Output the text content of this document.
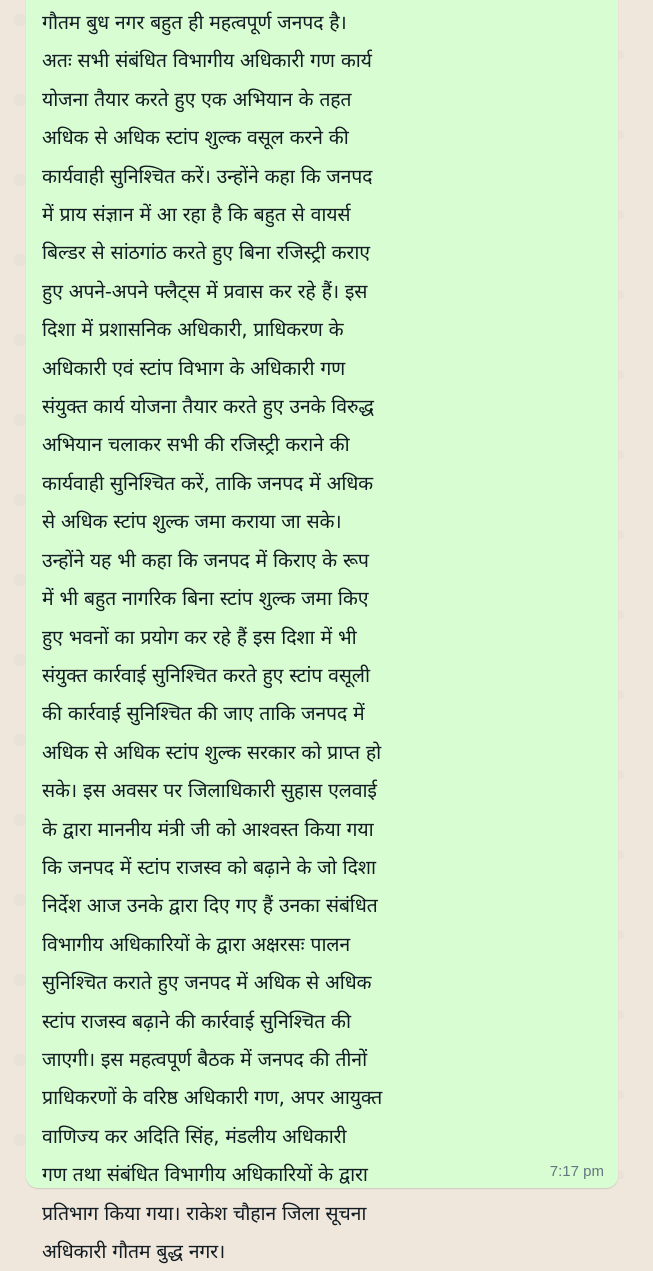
गौतम बुध नगर बहुत ही महत्वपूर्ण जनपद है।
अतः सभी संबंधित विभागीय अधिकारी गण कार्य
योजना तैयार करते हुए एक अभियान के तहत
अधिक से अधिक स्टांप शुल्क वसूल करने की
कार्यवाही सुनिश्चित करें। उन्होंने कहा कि जनपद
में प्राय संज्ञान में आ रहा है कि बहुत से वायर्स
बिल्डर से सांठगांठ करते हुए बिना रजिस्ट्री कराए
हुए अपने-अपने फ्लैट्स में प्रवास कर रहे हैं। इस
दिशा में प्रशासनिक अधिकारी, प्राधिकरण के
अधिकारी एवं स्टांप विभाग के अधिकारी गण
संयुक्त कार्य योजना तैयार करते हुए उनके विरुद्ध
अभियान चलाकर सभी की रजिस्ट्री कराने की
कार्यवाही सुनिश्चित करें, ताकि जनपद में अधिक
से अधिक स्टांप शुल्क जमा कराया जा सके।
उन्होंने यह भी कहा कि जनपद में किराए के रूप
में भी बहुत नागरिक बिना स्टांप शुल्क जमा किए
हुए भवनों का प्रयोग कर रहे हैं इस दिशा में भी
संयुक्त कार्रवाई सुनिश्चित करते हुए स्टांप वसूली
की कार्रवाई सुनिश्चित की जाए ताकि जनपद में
अधिक से अधिक स्टांप शुल्क सरकार को प्राप्त हो
सके। इस अवसर पर जिलाधिकारी सुहास एलवाई
के द्वारा माननीय मंत्री जी को आश्वस्त किया गया
कि जनपद में स्टांप राजस्व को बढ़ाने के जो दिशा
निर्देश आज उनके द्वारा दिए गए हैं उनका संबंधित
विभागीय अधिकारियों के द्वारा अक्षरसः पालन
सुनिश्चित कराते हुए जनपद में अधिक से अधिक
स्टांप राजस्व बढ़ाने की कार्रवाई सुनिश्चित की
जाएगी। इस महत्वपूर्ण बैठक में जनपद की तीनों
प्राधिकरणों के वरिष्ठ अधिकारी गण, अपर आयुक्त
वाणिज्य कर अदिति सिंह, मंडलीय अधिकारी
गण तथा संबंधित विभागीय अधिकारियों के द्वारा
प्रतिभाग किया गया। राकेश चौहान जिला सूचना
अधिकारी गौतम बुद्ध नगर।

7:17 pm
